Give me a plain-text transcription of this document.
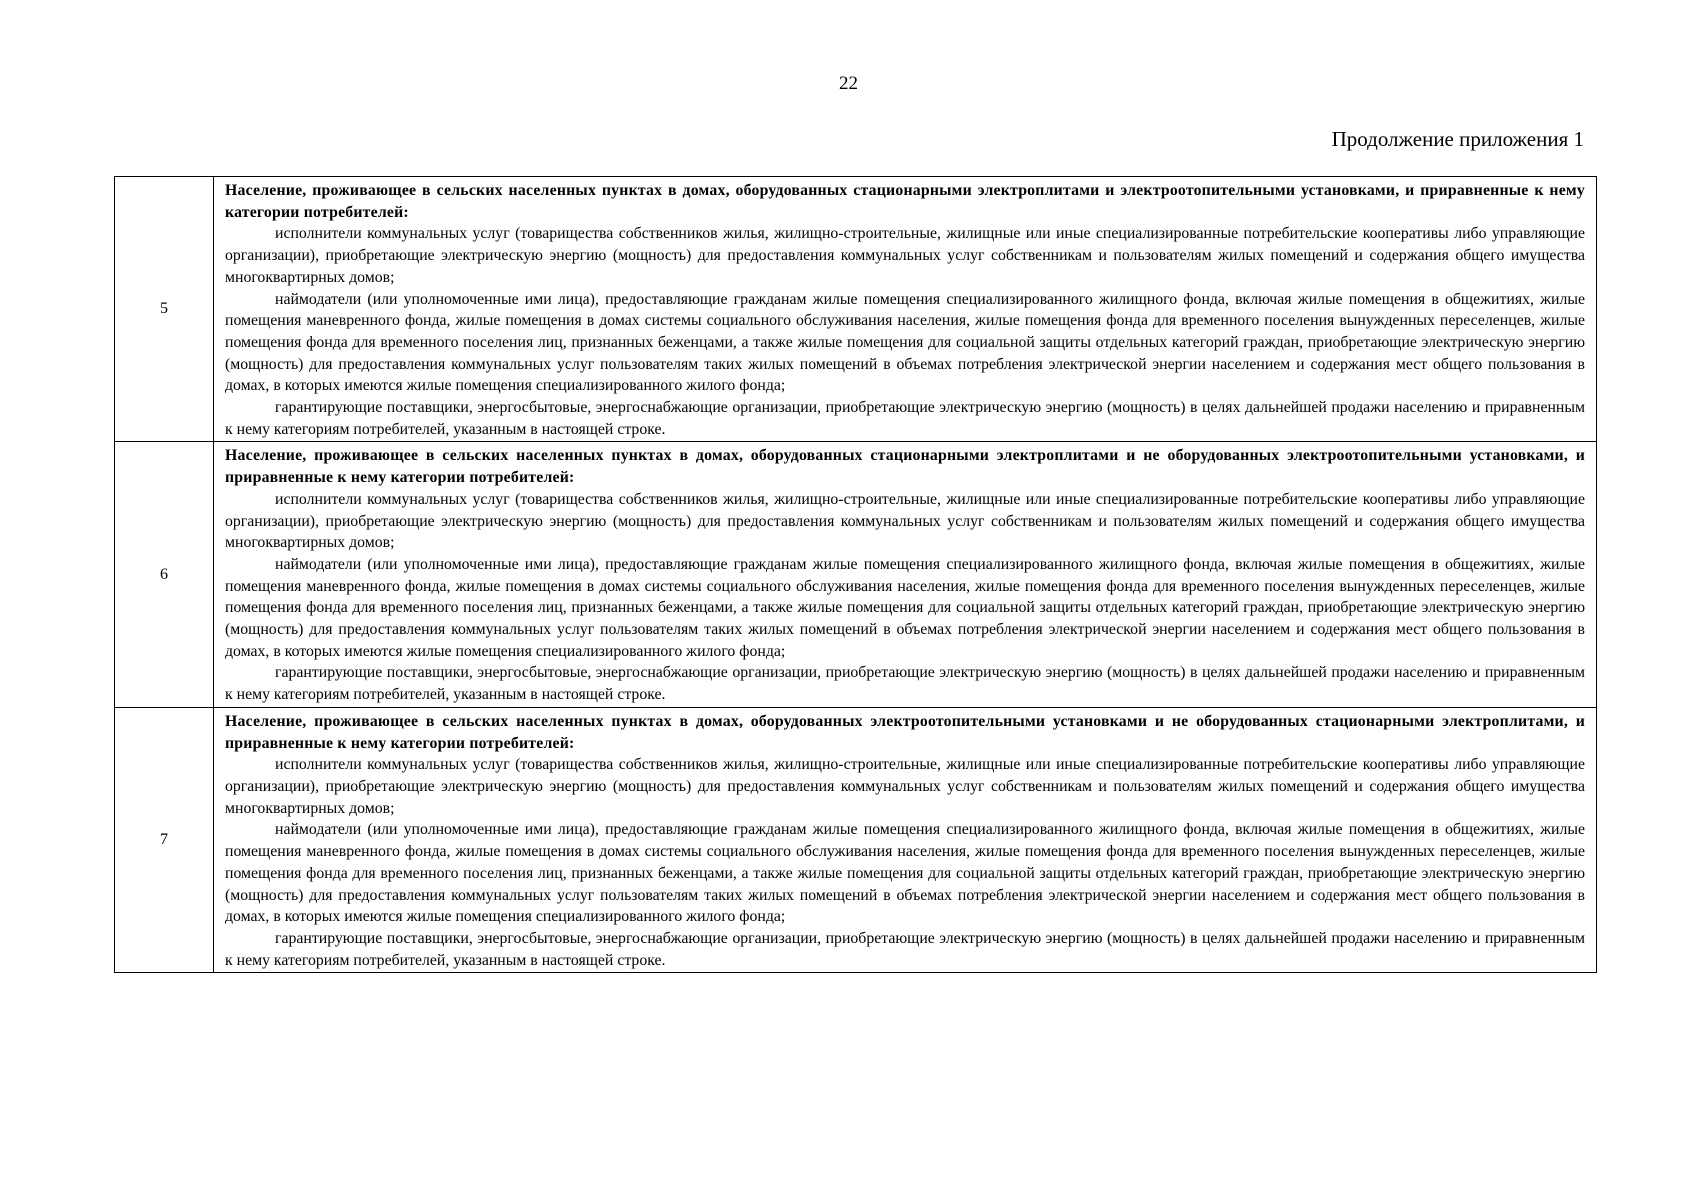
22
Продолжение приложения 1
5	Население, проживающее в сельских населенных пунктах в домах, оборудованных стационарными электроплитами и электроотопительными установками, и приравненные к нему категории потребителей:

исполнители коммунальных услуг (товарищества собственников жилья, жилищно-строительные, жилищные или иные специализированные потребительские кооперативы либо управляющие организации), приобретающие электрическую энергию (мощность) для предоставления коммунальных услуг собственникам и пользователям жилых помещений и содержания общего имущества многоквартирных домов;

наймодатели (или уполномоченные ими лица), предоставляющие гражданам жилые помещения специализированного жилищного фонда, включая жилые помещения в общежитиях, жилые помещения маневренного фонда, жилые помещения в домах системы социального обслуживания населения, жилые помещения фонда для временного поселения вынужденных переселенцев, жилые помещения фонда для временного поселения лиц, признанных беженцами, а также жилые помещения для социальной защиты отдельных категорий граждан, приобретающие электрическую энергию (мощность) для предоставления коммунальных услуг пользователям таких жилых помещений в объемах потребления электрической энергии населением и содержания мест общего пользования в домах, в которых имеются жилые помещения специализированного жилого фонда;

гарантирующие поставщики, энергосбытовые, энергоснабжающие организации, приобретающие электрическую энергию (мощность) в целях дальнейшей продажи населению и приравненным к нему категориям потребителей, указанным в настоящей строке.

6	Население, проживающее в сельских населенных пунктах в домах, оборудованных стационарными электроплитами и не оборудованных электроотопительными установками, и приравненные к нему категории потребителей:

исполнители коммунальных услуг (товарищества собственников жилья, жилищно-строительные, жилищные или иные специализированные потребительские кооперативы либо управляющие организации), приобретающие электрическую энергию (мощность) для предоставления коммунальных услуг собственникам и пользователям жилых помещений и содержания общего имущества многоквартирных домов;

наймодатели (или уполномоченные ими лица), предоставляющие гражданам жилые помещения специализированного жилищного фонда, включая жилые помещения в общежитиях, жилые помещения маневренного фонда, жилые помещения в домах системы социального обслуживания населения, жилые помещения фонда для временного поселения вынужденных переселенцев, жилые помещения фонда для временного поселения лиц, признанных беженцами, а также жилые помещения для социальной защиты отдельных категорий граждан, приобретающие электрическую энергию (мощность) для предоставления коммунальных услуг пользователям таких жилых помещений в объемах потребления электрической энергии населением и содержания мест общего пользования в домах, в которых имеются жилые помещения специализированного жилого фонда;

гарантирующие поставщики, энергосбытовые, энергоснабжающие организации, приобретающие электрическую энергию (мощность) в целях дальнейшей продажи населению и приравненным к нему категориям потребителей, указанным в настоящей строке.

7	Население, проживающее в сельских населенных пунктах в домах, оборудованных электроотопительными установками и не оборудованных стационарными электроплитами, и приравненные к нему категории потребителей:

исполнители коммунальных услуг (товарищества собственников жилья, жилищно-строительные, жилищные или иные специализированные потребительские кооперативы либо управляющие организации), приобретающие электрическую энергию (мощность) для предоставления коммунальных услуг собственникам и пользователям жилых помещений и содержания общего имущества многоквартирных домов;

наймодатели (или уполномоченные ими лица), предоставляющие гражданам жилые помещения специализированного жилищного фонда, включая жилые помещения в общежитиях, жилые помещения маневренного фонда, жилые помещения в домах системы социального обслуживания населения, жилые помещения фонда для временного поселения вынужденных переселенцев, жилые помещения фонда для временного поселения лиц, признанных беженцами, а также жилые помещения для социальной защиты отдельных категорий граждан, приобретающие электрическую энергию (мощность) для предоставления коммунальных услуг пользователям таких жилых помещений в объемах потребления электрической энергии населением и содержания мест общего пользования в домах, в которых имеются жилые помещения специализированного жилого фонда;

гарантирующие поставщики, энергосбытовые, энергоснабжающие организации, приобретающие электрическую энергию (мощность) в целях дальнейшей продажи населению и приравненным к нему категориям потребителей, указанным в настоящей строке.
